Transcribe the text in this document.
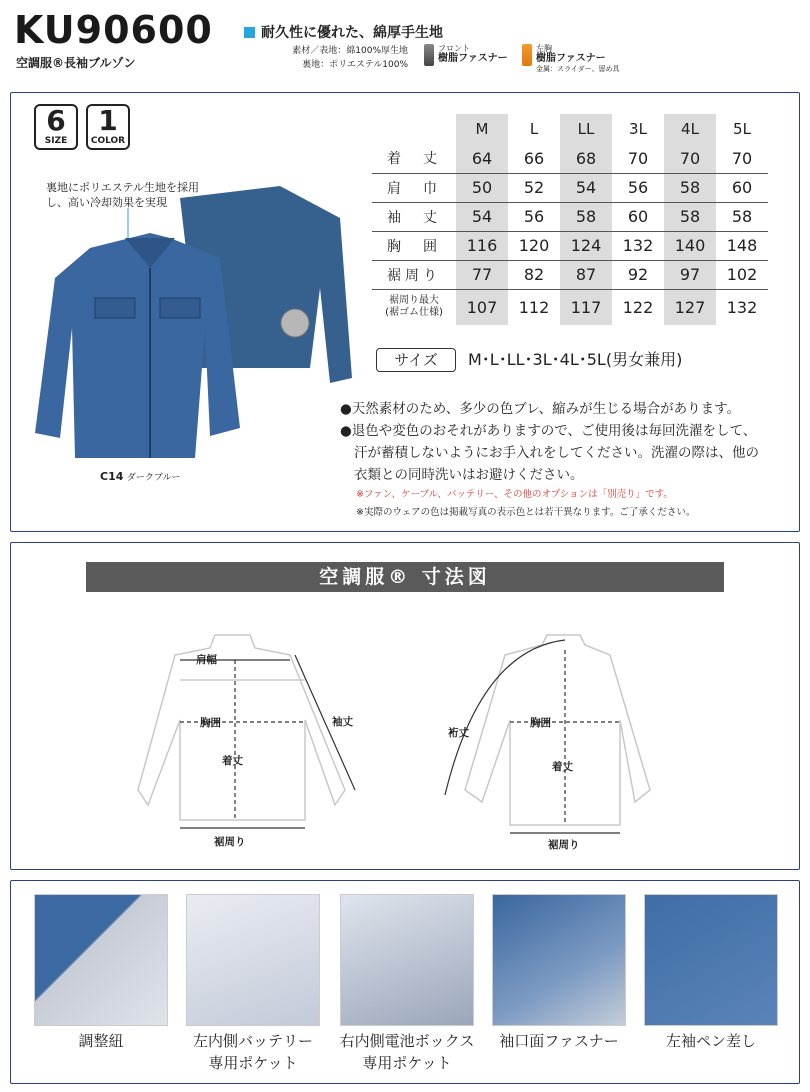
KU90600
空調服®長袖ブルゾン
耐久性に優れた、綿厚手生地
素材／表地：綿100%厚生地
裏地：ポリエステル100%
フロント
樹脂ファスナー
左胸
樹脂ファスナー
金属：スライダー、留め具
6
SIZE
1
COLOR
裏地にポリエステル生地を採用し、高い冷却効果を実現
C14 ダークブルー
	M	L	LL	3L	4L	5L
着　丈	64	66	68	70	70	70
肩　巾	50	52	54	56	58	60
袖　丈	54	56	58	60	58	58
胸　囲	116	120	124	132	140	148
裾周り	77	82	87	92	97	102
裾周り最大
(裾ゴム仕様)	107	112	117	122	127	132
サイズ	M･L･LL･3L･4L･5L(男女兼用)
●天然素材のため、多少の色ブレ、縮みが生じる場合があります。
●退色や変色のおそれがありますので、ご使用後は毎回洗濯をして、
汗が蓄積しないようにお手入れをしてください。洗濯の際は、他の
衣類との同時洗いはお避けください。
※ファン、ケーブル、バッテリー、その他のオプションは「別売り」です。
※実際のウェアの色は掲載写真の表示色とは若干異なります。ご了承ください。
空調服® 寸法図
肩幅
袖丈
胸囲
着丈
裾周り
裄丈
胸囲
着丈
裾周り
調整紐	左内側バッテリー
専用ポケット
右内側電池ボックス
専用ポケット
袖口面ファスナー	左袖ペン差し
